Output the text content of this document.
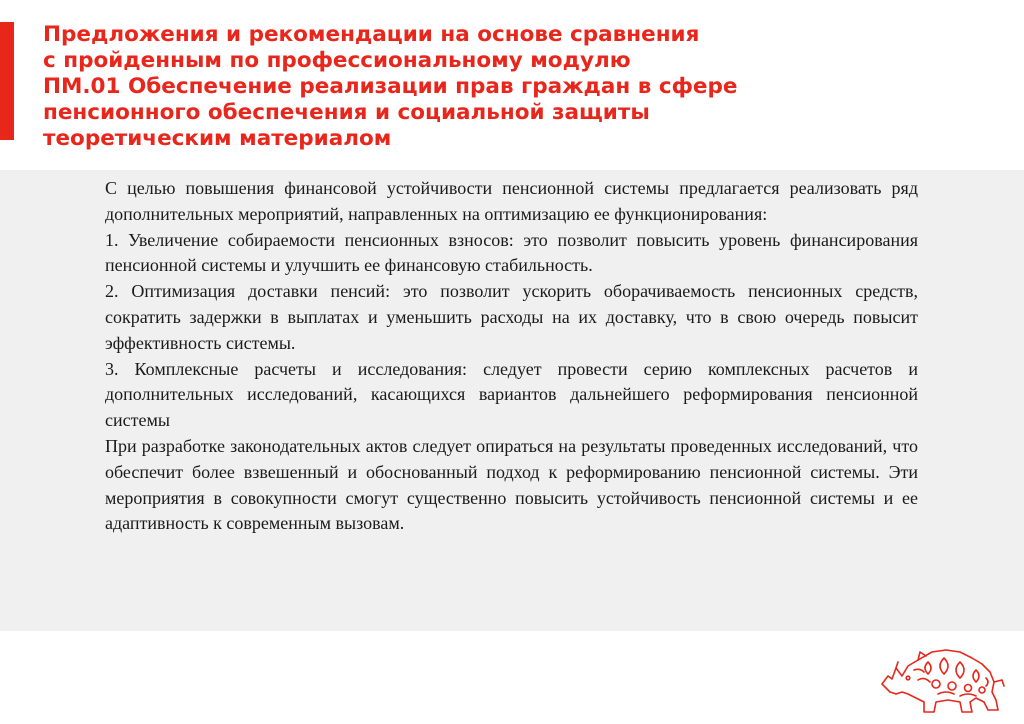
Предложения и рекомендации на основе сравнения
с пройденным по профессиональному модулю
ПМ.01 Обеспечение реализации прав граждан в сфере
пенсионного обеспечения и социальной защиты
теоретическим материалом

С целью повышения финансовой устойчивости пенсионной системы предлагается реализовать ряд дополнительных мероприятий, направленных на оптимизацию ее функционирования:

1. Увеличение собираемости пенсионных взносов: это позволит повысить уровень финансирования пенсионной системы и улучшить ее финансовую стабильность.

2. Оптимизация доставки пенсий: это позволит ускорить оборачиваемость пенсионных средств, сократить задержки в выплатах и уменьшить расходы на их доставку, что в свою очередь повысит эффективность системы.

3. Комплексные расчеты и исследования: следует провести серию комплексных расчетов и дополнительных исследований, касающихся вариантов дальнейшего реформирования пенсионной системы

При разработке законодательных актов следует опираться на результаты проведенных исследований, что обеспечит более взвешенный и обоснованный подход к реформированию пенсионной системы. Эти мероприятия в совокупности смогут существенно повысить устойчивость пенсионной системы и ее адаптивность к современным вызовам.
